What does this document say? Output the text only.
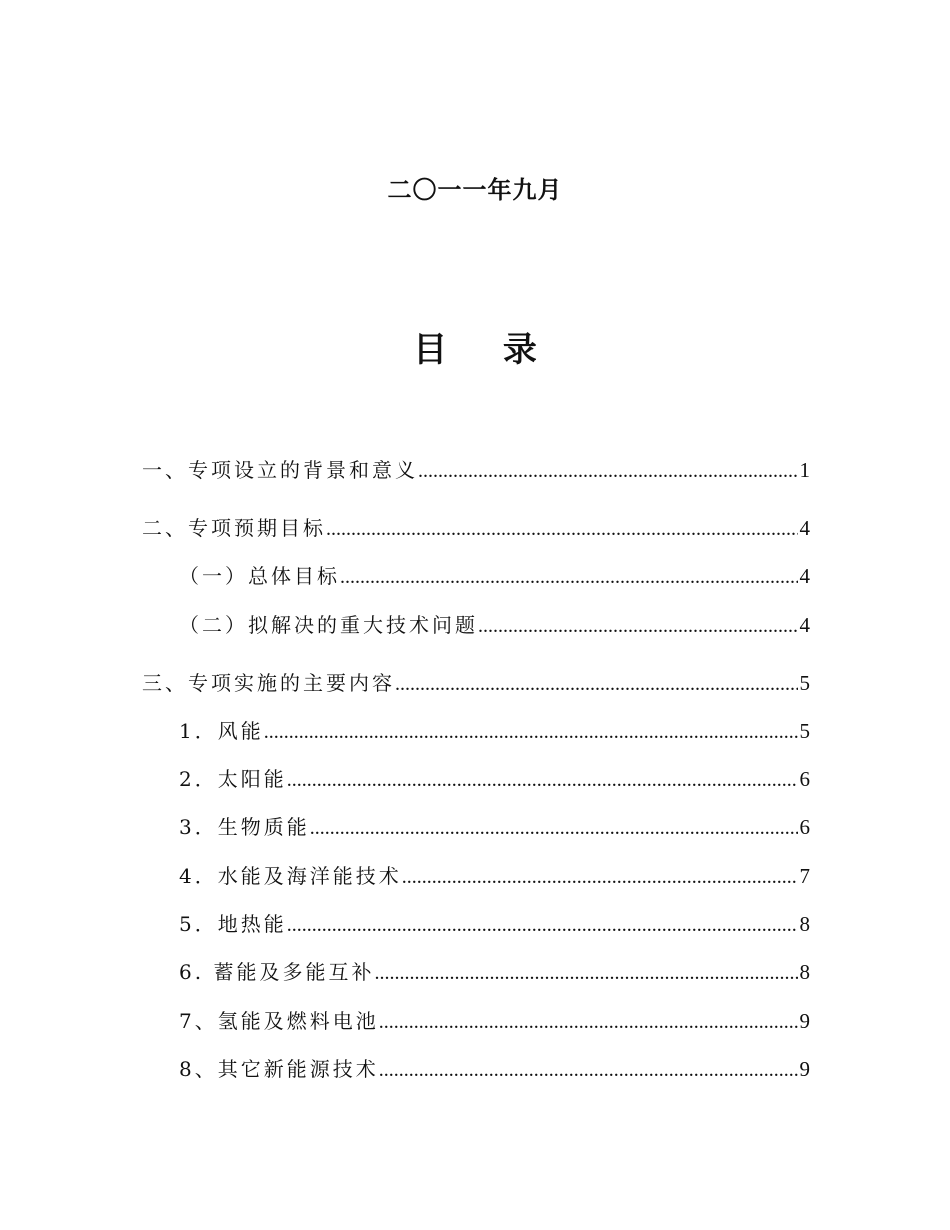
二〇一一年九月
目 录
一、专项设立的背景和意义 .....	1
二、专项预期目标 .....	4
（一）总体目标 .....	4
（二）拟解决的重大技术问题 .....	4
三、专项实施的主要内容 .....	5
1．风能 .....	5
2．太阳能 .....	6
3．生物质能 .....	6
4．水能及海洋能技术 .....	7
5．地热能 .....	8
6. 蓄能及多能互补 .....	8
7、氢能及燃料电池 .....	9
8、其它新能源技术 .....	9
